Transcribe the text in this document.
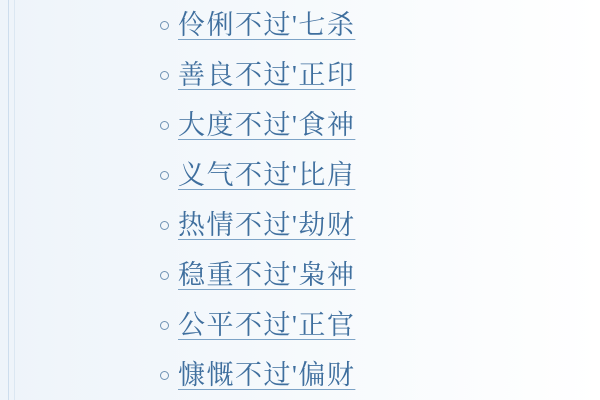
伶俐不过'七杀
善良不过'正印
大度不过'食神
义气不过'比肩
热情不过'劫财
稳重不过'枭神
公平不过'正官
慷慨不过'偏财
